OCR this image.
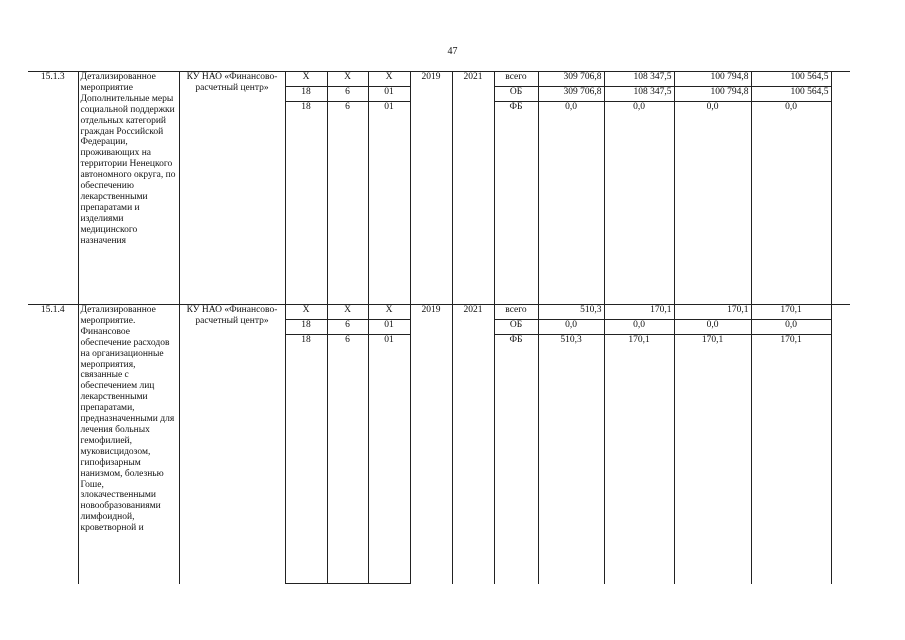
47
15.1.3	Детализированное мероприятие Дополнительные меры социальной поддержки отдельных категорий граждан Российской Федерации, проживающих на территории Ненецкого автономного округа, по обеспечению лекарственными препаратами и изделиями медицинского назначения	КУ НАО «Финансово-расчетный центр»	Х	Х	Х	2019	2021	всего	309 706,8	108 347,5	100 794,8	100 564,5	
			18	6	01			ОБ	309 706,8	108 347,5	100 794,8	100 564,5	
			18	6	01			ФБ	0,0	0,0	0,0	0,0	
15.1.4	Детализированное мероприятие. Финансовое обеспечение расходов на организационные мероприятия, связанные с обеспечением лиц лекарственными препаратами, предназначенными для лечения больных гемофилией, муковисцидозом, гипофизарным нанизмом, болезнью Гоше, злокачественными новообразованиями лимфоидной, кроветворной и	КУ НАО «Финансово-расчетный центр»	Х	Х	Х	2019	2021	всего	510,3	170,1	170,1	170,1	
			18	6	01			ОБ	0,0	0,0	0,0	0,0	
			18	6	01			ФБ	510,3	170,1	170,1	170,1	
